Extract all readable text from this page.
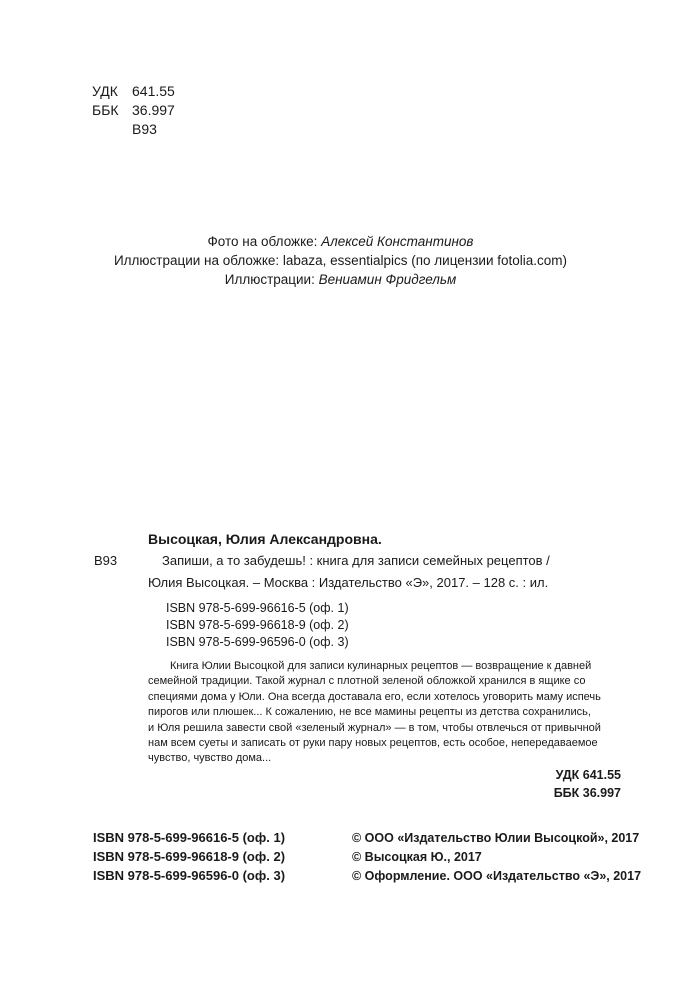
УДК 641.55
ББК 36.997
В93
Фото на обложке: Алексей Константинов
Иллюстрации на обложке: labaza, essentialpics (по лицензии fotolia.com)
Иллюстрации: Вениамин Фридгельм
Высоцкая, Юлия Александровна.
В93	Запиши, а то забудешь! : книга для записи семейных рецептов /
Юлия Высоцкая. – Москва : Издательство «Э», 2017. – 128 с. : ил.
ISBN 978-5-699-96616-5 (оф. 1)
ISBN 978-5-699-96618-9 (оф. 2)
ISBN 978-5-699-96596-0 (оф. 3)
Книга Юлии Высоцкой для записи кулинарных рецептов — возвращение к давней
семейной традиции. Такой журнал с плотной зеленой обложкой хранился в ящике со
специями дома у Юли. Она всегда доставала его, если хотелось уговорить маму испечь
пирогов или плюшек... К сожалению, не все мамины рецепты из детства сохранились,
и Юля решила завести свой «зеленый журнал» — в том, чтобы отвлечься от привычной
нам всем суеты и записать от руки пару новых рецептов, есть особое, непередаваемое
чувство, чувство дома...
УДК 641.55
ББК 36.997
ISBN 978-5-699-96616-5 (оф. 1)
ISBN 978-5-699-96618-9 (оф. 2)
ISBN 978-5-699-96596-0 (оф. 3)
© ООО «Издательство Юлии Высоцкой», 2017
© Высоцкая Ю., 2017
© Оформление. ООО «Издательство «Э», 2017
